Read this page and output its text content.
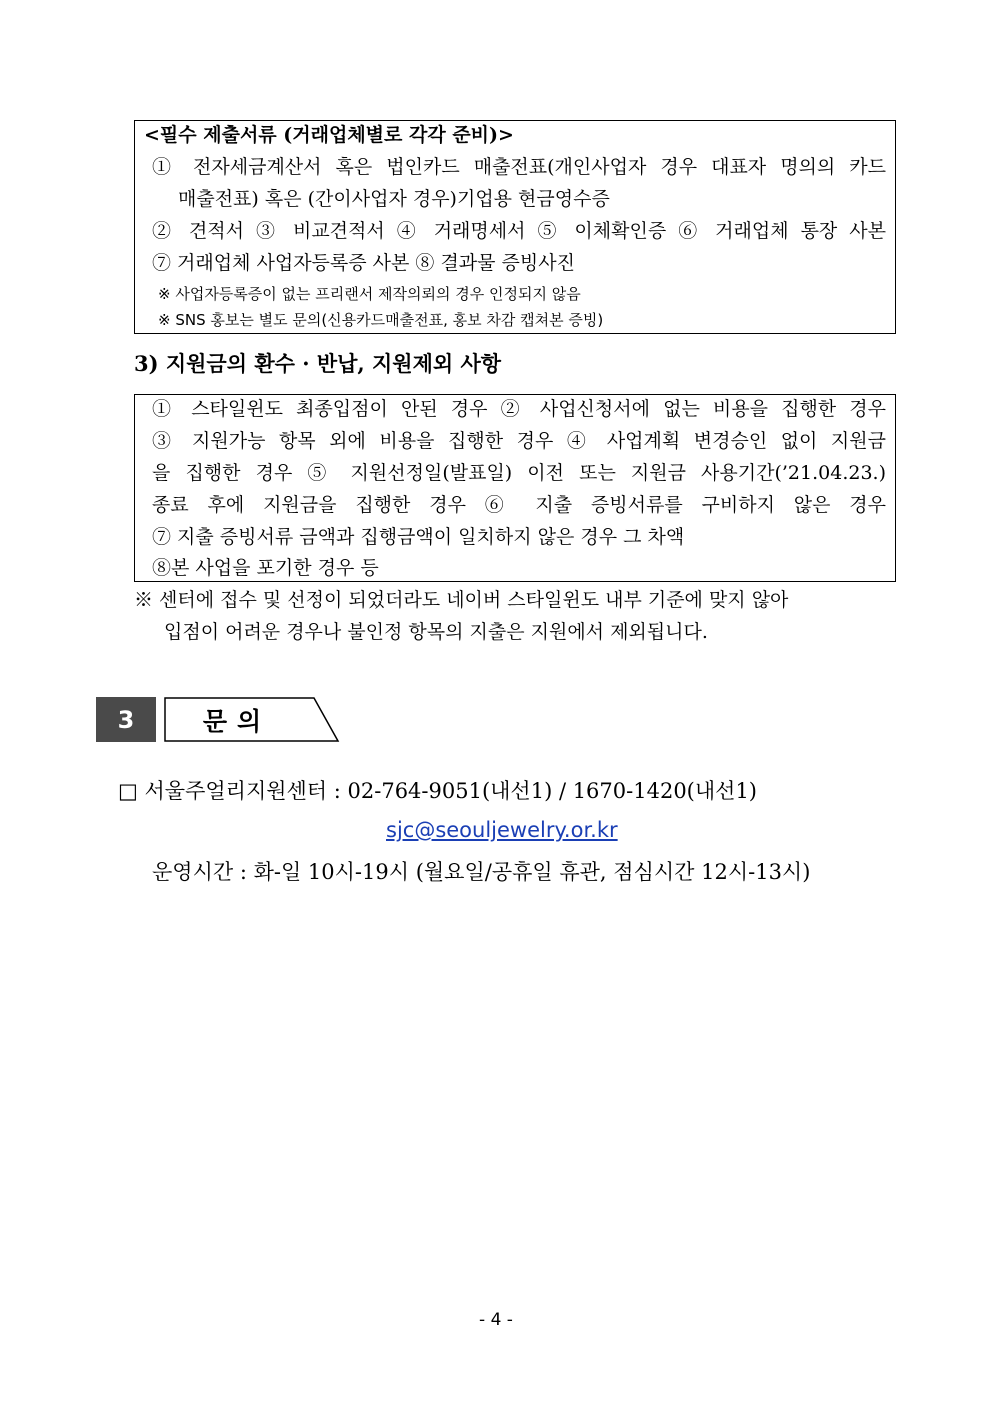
<필수 제출서류 (거래업체별로 각각 준비)>
① 전자세금계산서 혹은 법인카드 매출전표(개인사업자 경우 대표자 명의의 카드
매출전표) 혹은 (간이사업자 경우)기업용 현금영수증
② 견적서 ③ 비교견적서 ④ 거래명세서 ⑤ 이체확인증 ⑥ 거래업체 통장 사본
⑦ 거래업체 사업자등록증 사본 ⑧ 결과물 증빙사진
※ 사업자등록증이 없는 프리랜서 제작의뢰의 경우 인정되지 않음
※ SNS 홍보는 별도 문의(신용카드매출전표, 홍보 차감 캡쳐본 증빙)
3) 지원금의 환수 · 반납, 지원제외 사항
① 스타일윈도 최종입점이 안된 경우 ② 사업신청서에 없는 비용을 집행한 경우
③ 지원가능 항목 외에 비용을 집행한 경우 ④ 사업계획 변경승인 없이 지원금
을 집행한 경우 ⑤ 지원선정일(발표일) 이전 또는 지원금 사용기간(’21.04.23.)
종료 후에 지원금을 집행한 경우 ⑥ 지출 증빙서류를 구비하지 않은 경우
⑦ 지출 증빙서류 금액과 집행금액이 일치하지 않은 경우 그 차액
⑧본 사업을 포기한 경우 등
※ 센터에 접수 및 선정이 되었더라도 네이버 스타일윈도 내부 기준에 맞지 않아
입점이 어려운 경우나 불인정 항목의 지출은 지원에서 제외됩니다.
3	문의
□ 서울주얼리지원센터 : 02-764-9051(내선1) / 1670-1420(내선1)
sjc@seouljewelry.or.kr
운영시간 : 화-일 10시-19시 (월요일/공휴일 휴관, 점심시간 12시-13시)
- 4 -
